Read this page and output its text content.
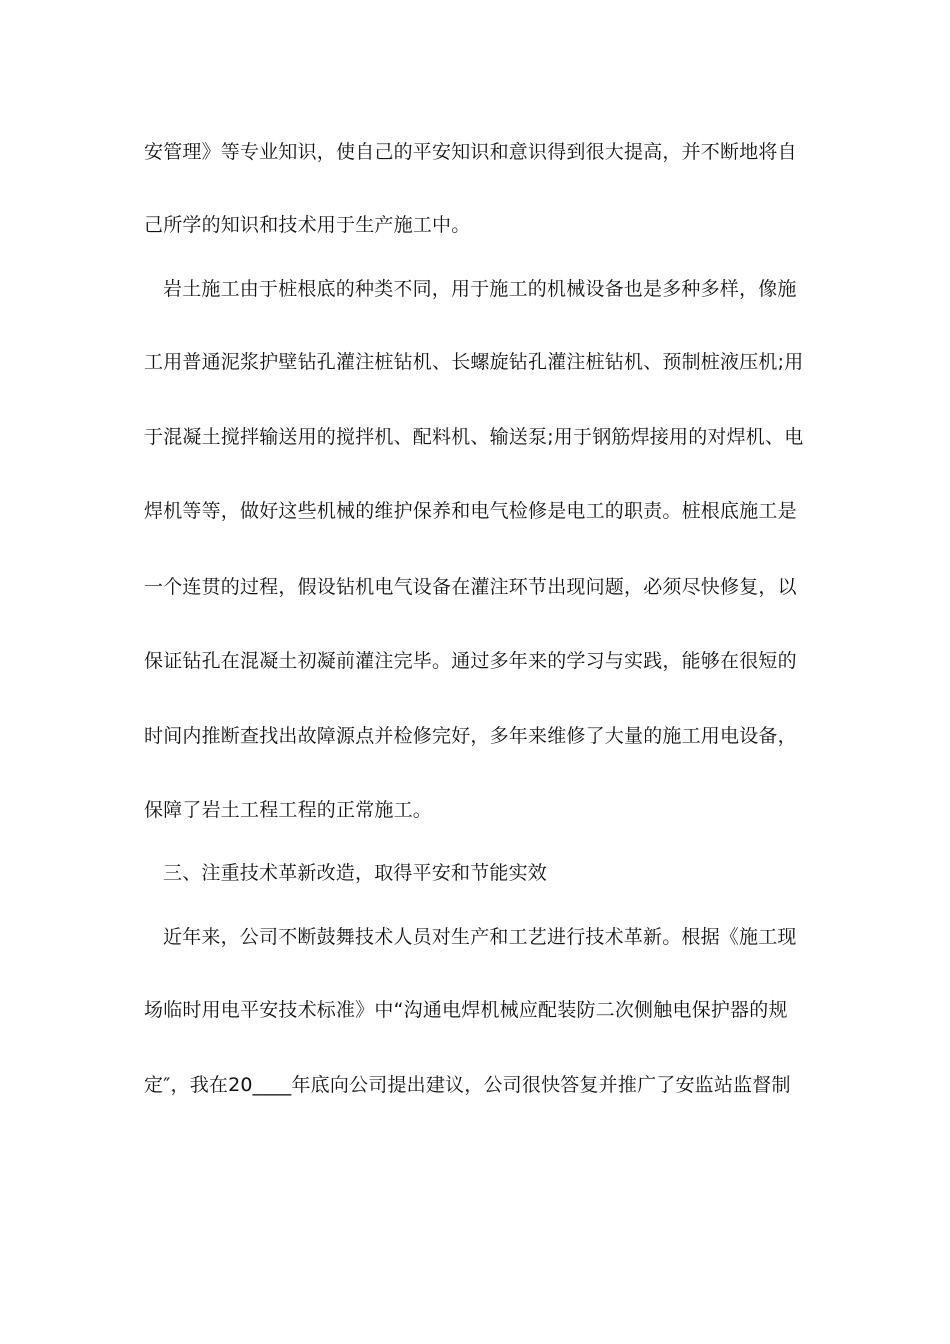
安管理》等专业知识，使自己的平安知识和意识得到很大提高，并不断地将自
己所学的知识和技术用于生产施工中。
岩土施工由于桩根底的种类不同，用于施工的机械设备也是多种多样，像施
工用普通泥浆护壁钻孔灌注桩钻机、长螺旋钻孔灌注桩钻机、预制桩液压机;用
于混凝土搅拌输送用的搅拌机、配料机、输送泵;用于钢筋焊接用的对焊机、电
焊机等等，做好这些机械的维护保养和电气检修是电工的职责。桩根底施工是
一个连贯的过程，假设钻机电气设备在灌注环节出现问题，必须尽快修复，以
保证钻孔在混凝土初凝前灌注完毕。通过多年来的学习与实践，能够在很短的
时间内推断查找出故障源点并检修完好，多年来维修了大量的施工用电设备，
保障了岩土工程工程的正常施工。
三、注重技术革新改造，取得平安和节能实效
近年来，公司不断鼓舞技术人员对生产和工艺进行技术革新。根据《施工现
场临时用电平安技术标准》中“沟通电焊机械应配装防二次侧触电保护器的规
定″，我在20____年底向公司提出建议，公司很快答复并推广了安监站监督制
